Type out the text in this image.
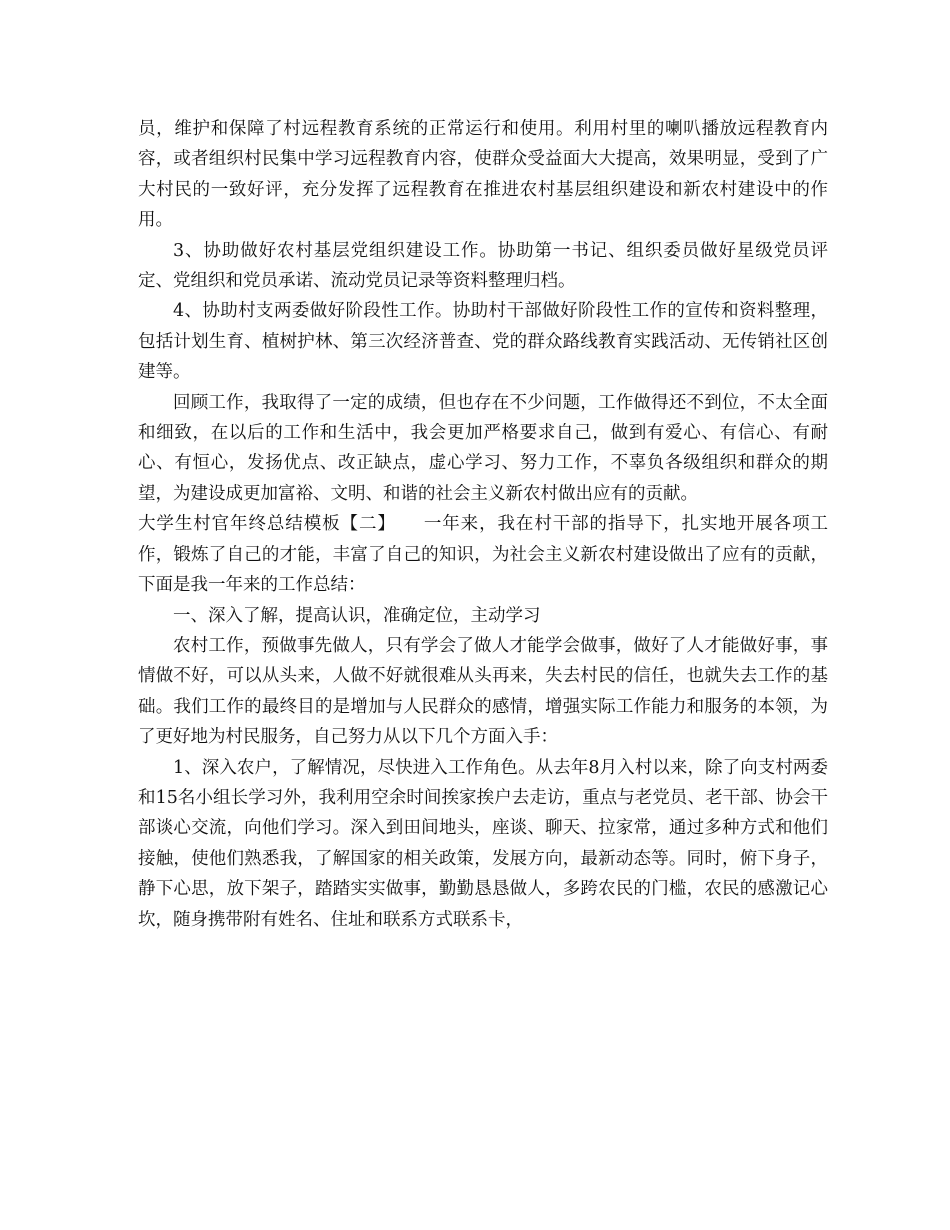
员，维护和保障了村远程教育系统的正常运行和使用。利用村里的喇叭播放远程教育内容，或者组织村民集中学习远程教育内容，使群众受益面大大提高，效果明显，受到了广大村民的一致好评，充分发挥了远程教育在推进农村基层组织建设和新农村建设中的作用。

3、协助做好农村基层党组织建设工作。协助第一书记、组织委员做好星级党员评定、党组织和党员承诺、流动党员记录等资料整理归档。

4、协助村支两委做好阶段性工作。协助村干部做好阶段性工作的宣传和资料整理，包括计划生育、植树护林、第三次经济普查、党的群众路线教育实践活动、无传销社区创建等。

回顾工作，我取得了一定的成绩，但也存在不少问题，工作做得还不到位，不太全面和细致，在以后的工作和生活中，我会更加严格要求自己，做到有爱心、有信心、有耐心、有恒心，发扬优点、改正缺点，虚心学习、努力工作，不辜负各级组织和群众的期望，为建设成更加富裕、文明、和谐的社会主义新农村做出应有的贡献。

大学生村官年终总结模板【二】　　一年来，我在村干部的指导下，扎实地开展各项工作，锻炼了自己的才能，丰富了自己的知识，为社会主义新农村建设做出了应有的贡献，下面是我一年来的工作总结：

一、深入了解，提高认识，准确定位，主动学习

农村工作，预做事先做人，只有学会了做人才能学会做事，做好了人才能做好事，事情做不好，可以从头来，人做不好就很难从头再来，失去村民的信任，也就失去工作的基础。我们工作的最终目的是增加与人民群众的感情，增强实际工作能力和服务的本领，为了更好地为村民服务，自己努力从以下几个方面入手：

1、深入农户，了解情况，尽快进入工作角色。从去年8月入村以来，除了向支村两委和15名小组长学习外，我利用空余时间挨家挨户去走访，重点与老党员、老干部、协会干部谈心交流，向他们学习。深入到田间地头，座谈、聊天、拉家常，通过多种方式和他们接触，使他们熟悉我，了解国家的相关政策，发展方向，最新动态等。同时，俯下身子，静下心思，放下架子，踏踏实实做事，勤勤恳恳做人，多跨农民的门槛，农民的感激记心坎，随身携带附有姓名、住址和联系方式联系卡，
